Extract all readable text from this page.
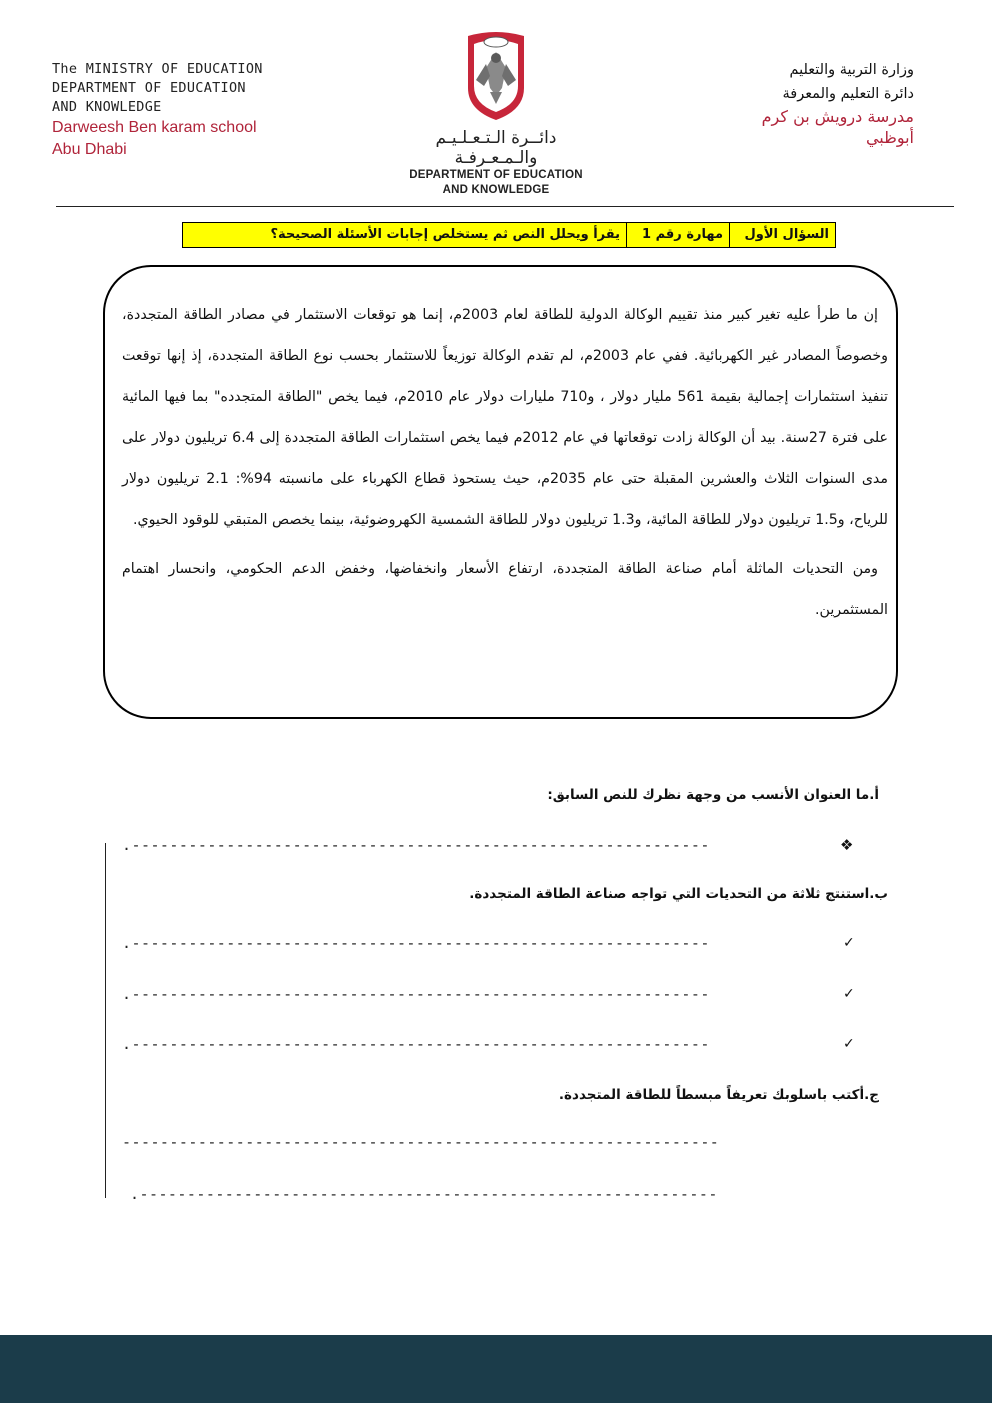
The MINISTRY OF EDUCATION
DEPARTMENT OF EDUCATION
AND KNOWLEDGE
Darweesh Ben karam school
Abu Dhabi
دائــرة الـتـعـلـيـم والـمـعـرفـة
DEPARTMENT OF EDUCATION
AND KNOWLEDGE
وزارة التربية والتعليم
دائرة التعليم والمعرفة
مدرسة درويش بن كرم
أبوظبي
السؤال الأول
مهارة رقم 1
يقرأ ويحلل النص ثم يستخلص إجابات الأسئلة الصحيحة؟

إن ما طرأ عليه تغير كبير منذ تقييم الوكالة الدولية للطاقة لعام 2003م، إنما هو توقعات الاستثمار في مصادر الطاقة المتجددة، وخصوصاً المصادر غير الكهربائية. ففي عام 2003م، لم تقدم الوكالة توزيعاً للاستثمار بحسب نوع الطاقة المتجددة، إذ إنها توقعت تنفيذ استثمارات إجمالية بقيمة 561 مليار دولار ، و710 مليارات دولار عام 2010م، فيما يخص "الطاقة المتجدده" بما فيها المائية على فترة 27سنة. بيد أن الوكالة زادت توقعاتها في عام 2012م فيما يخص استثمارات الطاقة المتجددة إلى 6.4 تريليون دولار على مدى السنوات الثلاث والعشرين المقبلة حتى عام 2035م، حيث يستحوذ قطاع الكهرباء على مانسبته 94%: 2.1 تريليون دولار للرياح، و1.5 تريليون دولار للطاقة المائية، و1.3 تريليون دولار للطاقة الشمسية الكهروضوئية، بينما يخصص المتبقي للوقود الحيوي.

ومن التحديات الماثلة أمام صناعة الطاقة المتجددة، ارتفاع الأسعار وانخفاضها، وخفض الدعم الحكومي، وانحسار اهتمام المستثمرين.

أ.ما العنوان الأنسب من وجهة نظرك للنص السابق:
❖
.-------------------------------------------------------------
ب.استنتج ثلاثة من التحديات التي تواجه صناعة الطاقة المتجددة.
✓
.-------------------------------------------------------------
✓
.-------------------------------------------------------------
✓
.-------------------------------------------------------------
ج.أكتب باسلوبك تعريفاً مبسطاً للطاقة المتجددة.
---------------------------------------------------------------
.-------------------------------------------------------------
